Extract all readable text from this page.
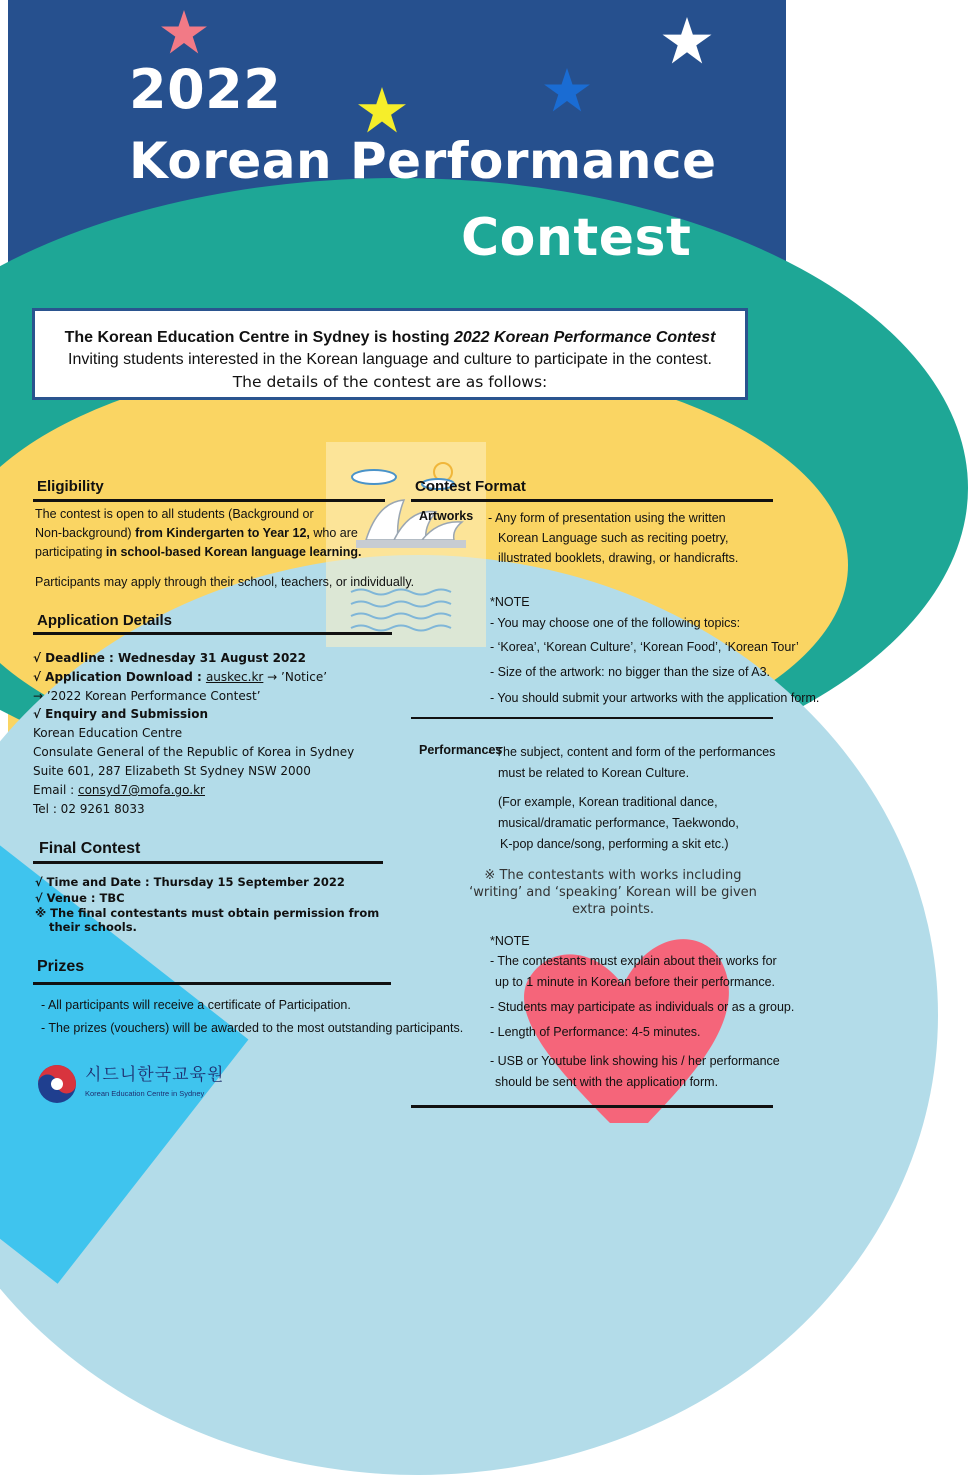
2022
Korean Performance
Contest
The Korean Education Centre in Sydney is hosting 2022 Korean Performance Contest
Inviting students interested in the Korean language and culture to participate in the contest.
The details of the contest are as follows:
Eligibility
The contest is open to all students (Background or
Non-background) from Kindergarten to Year 12, who are
participating in school-based Korean language learning.
Participants may apply through their school, teachers, or individually.
Application Details
√ Deadline : Wednesday 31 August 2022
√ Application Download : auskec.kr → ’Notice’
→ ’2022 Korean Performance Contest’
√ Enquiry and Submission
Korean Education Centre
Consulate General of the Republic of Korea in Sydney
Suite 601, 287 Elizabeth St Sydney NSW 2000
Email : consyd7@mofa.go.kr
Tel : 02 9261 8033
Final Contest
√ Time and Date : Thursday 15 September 2022
√ Venue : TBC
※ The final contestants must obtain permission from
their schools.
Prizes
- All participants will receive a certificate of Participation.
- The prizes (vouchers) will be awarded to the most outstanding participants.
시드니한국교육원
Korean Education Centre in Sydney
Contest Format
Artworks - Any form of presentation using the written
Korean Language such as reciting poetry,
illustrated booklets, drawing, or handicrafts.
*NOTE
- You may choose one of the following topics:
- ‘Korea’, ‘Korean Culture’, ‘Korean Food’, ‘Korean Tour’
- Size of the artwork: no bigger than the size of A3.
- You should submit your artworks with the application form.
Performances
- The subject, content and form of the performances
must be related to Korean Culture.
(For example, Korean traditional dance,
musical/dramatic performance, Taekwondo,
K-pop dance/song, performing a skit etc.)
※ The contestants with works including
‘writing’ and ‘speaking’ Korean will be given
extra points.
*NOTE
- The contestants must explain about their works for
up to 1 minute in Korean before their performance.
- Students may participate as individuals or as a group.
- Length of Performance: 4-5 minutes.
- USB or Youtube link showing his / her performance
should be sent with the application form.
